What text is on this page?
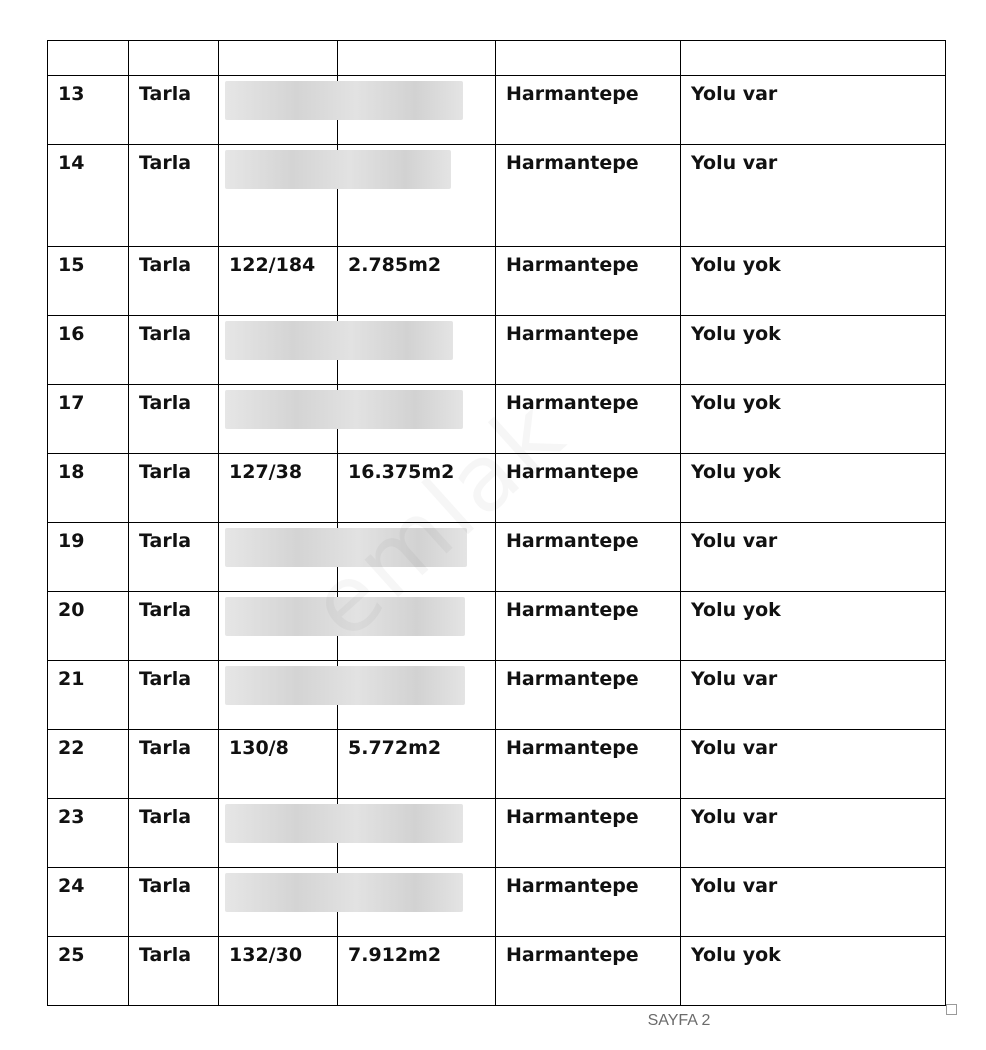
13	Tarla			Harmantepe	Yolu var
14	Tarla			Harmantepe	Yolu var
15	Tarla	122/184	2.785m2	Harmantepe	Yolu yok
16	Tarla			Harmantepe	Yolu yok
17	Tarla			Harmantepe	Yolu yok
18	Tarla	127/38	16.375m2	Harmantepe	Yolu yok
19	Tarla			Harmantepe	Yolu var
20	Tarla			Harmantepe	Yolu yok
21	Tarla			Harmantepe	Yolu var
22	Tarla	130/8	5.772m2	Harmantepe	Yolu var
23	Tarla			Harmantepe	Yolu var
24	Tarla			Harmantepe	Yolu var
25	Tarla	132/30	7.912m2	Harmantepe	Yolu yok
SAYFA 2
